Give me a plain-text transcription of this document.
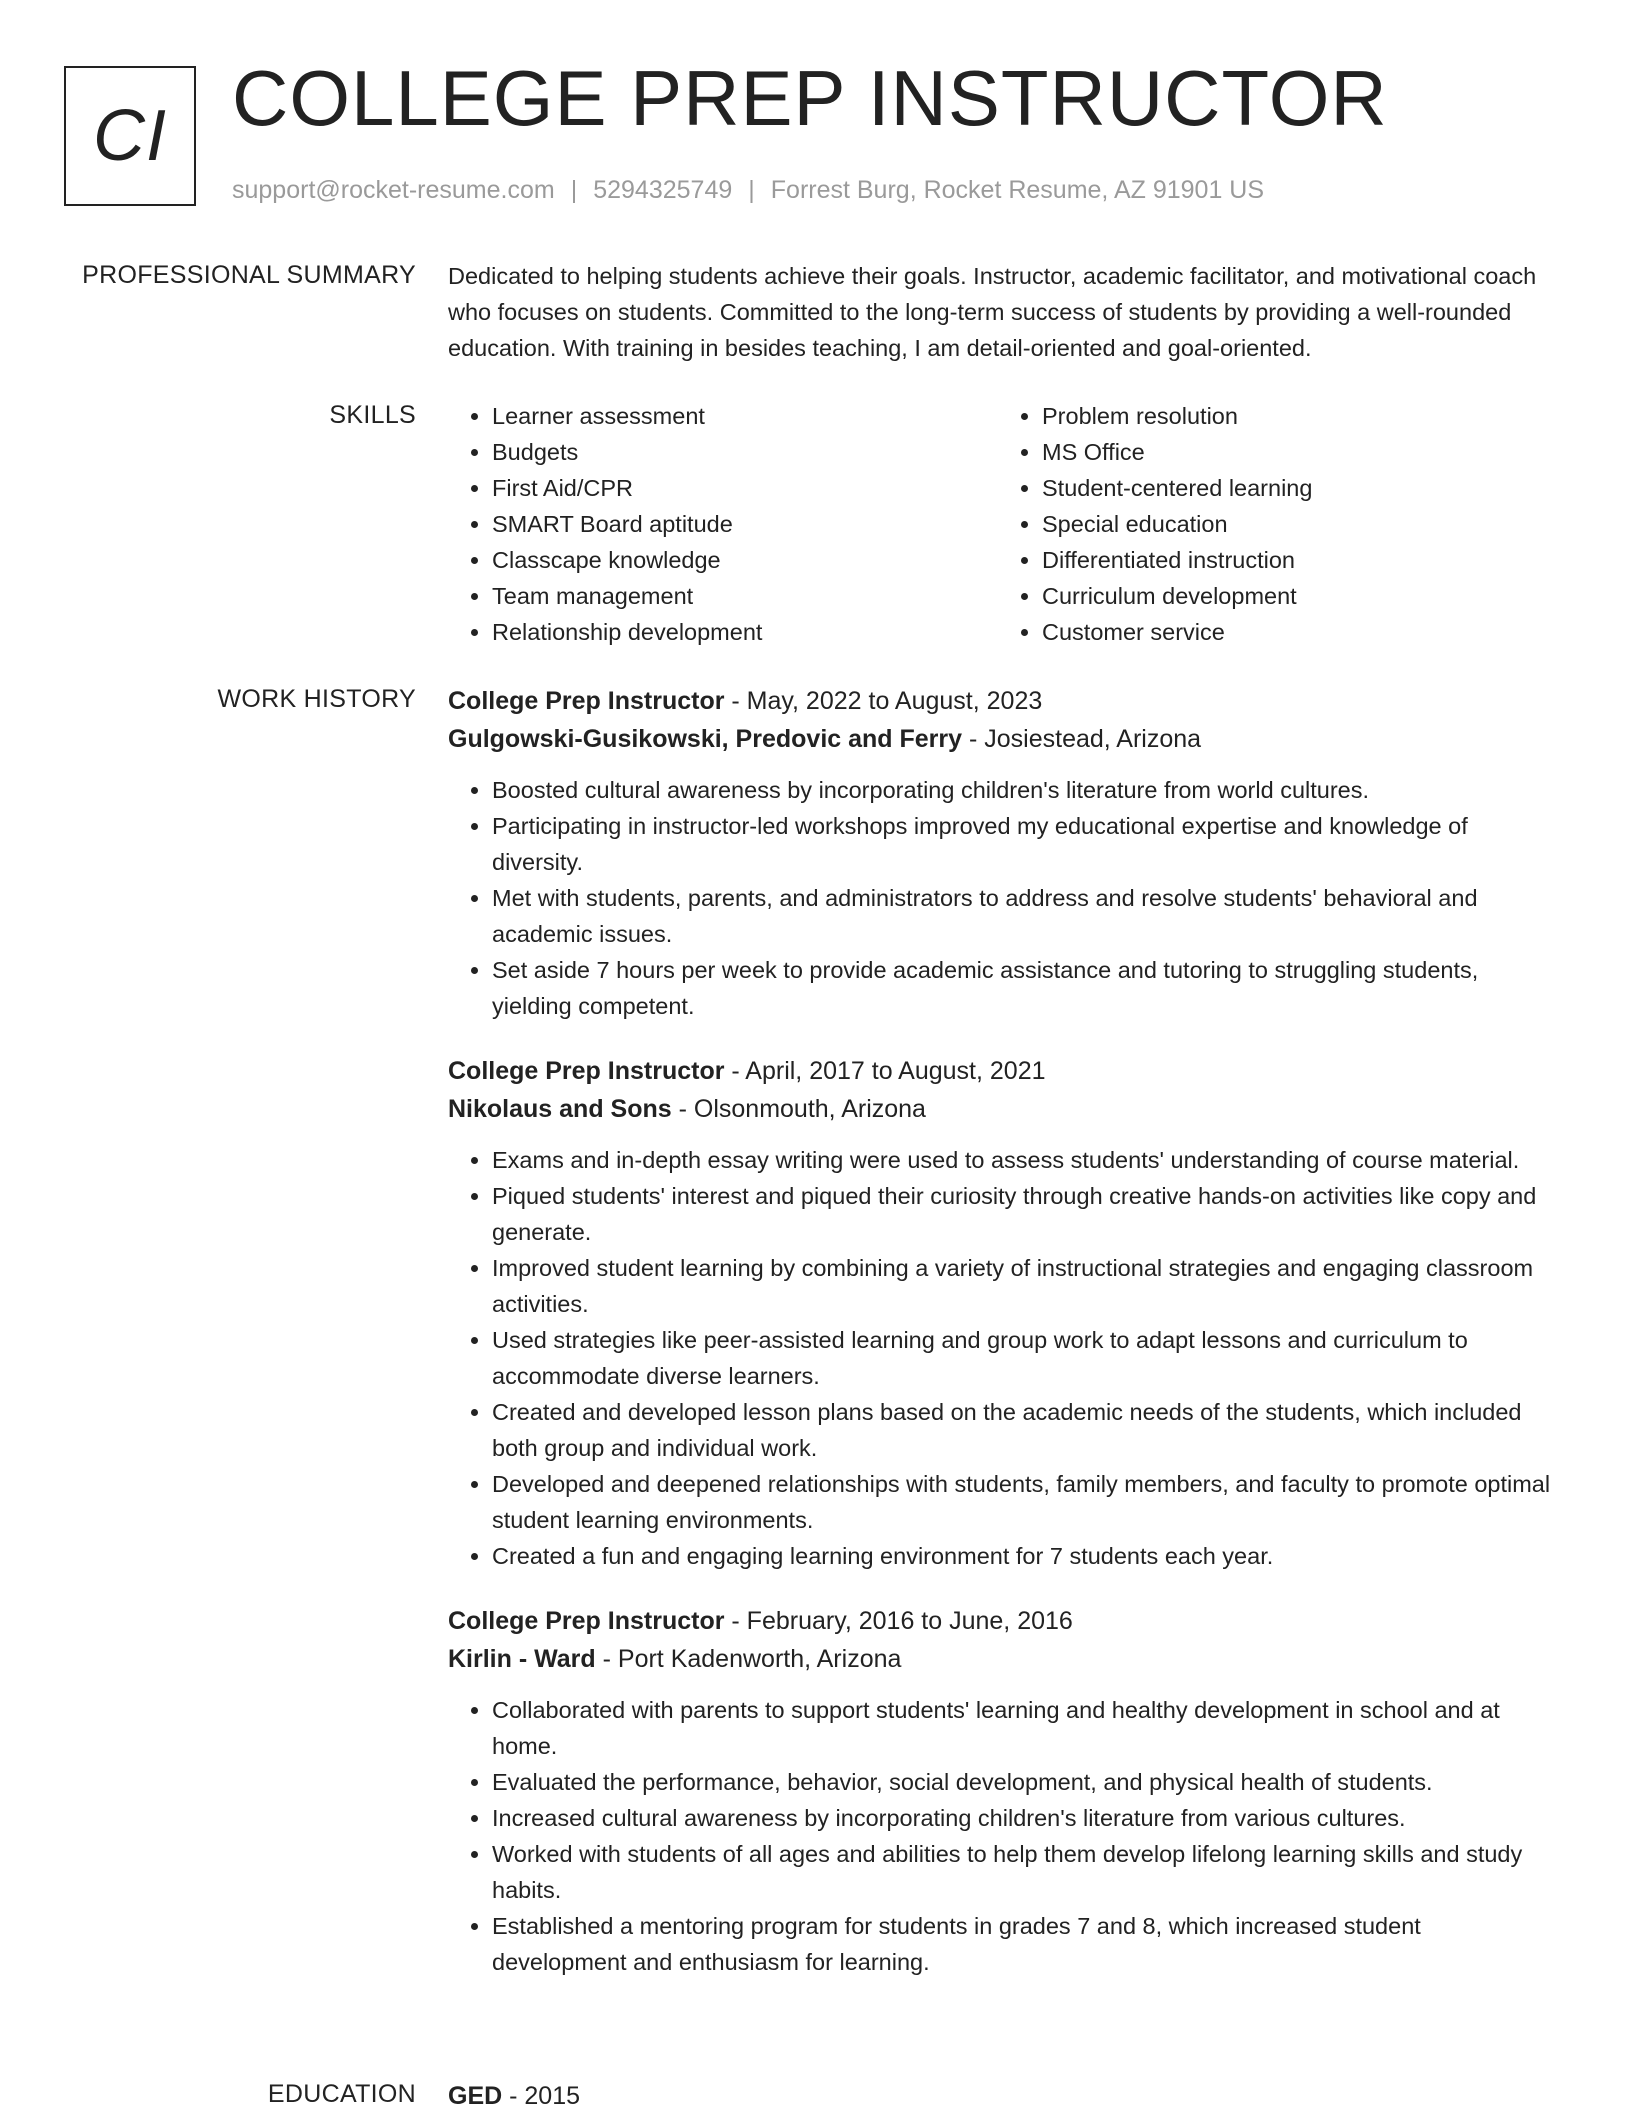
CI COLLEGE PREP INSTRUCTOR
support@rocket-resume.com | 5294325749 | Forrest Burg, Rocket Resume, AZ 91901 US
PROFESSIONAL SUMMARY Dedicated to helping students achieve their goals. Instructor, academic facilitator, and motivational coach who focuses on students. Committed to the long-term success of students by providing a well-rounded education. With training in besides teaching, I am detail-oriented and goal-oriented.

SKILLS
•	Learner assessment
• Budgets
• First Aid/CPR
• SMART Board aptitude
• Classcape knowledge
• Team management
• Relationship development
• Problem resolution
• MS Office
• Student-centered learning
• Special education
• Differentiated instruction
• Curriculum development
• Customer service
WORK HISTORY College Prep Instructor - May, 2022 to August, 2023
Gulgowski-Gusikowski, Predovic and Ferry - Josiestead, Arizona
• Boosted cultural awareness by incorporating children's literature from world cultures.
• Participating in instructor-led workshops improved my educational expertise and knowledge of diversity.
• Met with students, parents, and administrators to address and resolve students' behavioral and academic issues.
• Set aside 7 hours per week to provide academic assistance and tutoring to struggling students, yielding competent.
College Prep Instructor - April, 2017 to August, 2021
Nikolaus and Sons - Olsonmouth, Arizona
• Exams and in-depth essay writing were used to assess students' understanding of course material.
• Piqued students' interest and piqued their curiosity through creative hands-on activities like copy and generate.
• Improved student learning by combining a variety of instructional strategies and engaging classroom activities.
• Used strategies like peer-assisted learning and group work to adapt lessons and curriculum to accommodate diverse learners.
• Created and developed lesson plans based on the academic needs of the students, which included both group and individual work.
• Developed and deepened relationships with students, family members, and faculty to promote optimal student learning environments.
• Created a fun and engaging learning environment for 7 students each year.
College Prep Instructor - February, 2016 to June, 2016
Kirlin - Ward - Port Kadenworth, Arizona
• Collaborated with parents to support students' learning and healthy development in school and at home.
• Evaluated the performance, behavior, social development, and physical health of students.
• Increased cultural awareness by incorporating children's literature from various cultures.
• Worked with students of all ages and abilities to help them develop lifelong learning skills and study habits.
• Established a mentoring program for students in grades 7 and 8, which increased student development and enthusiasm for learning.
EDUCATION GED - 2015
